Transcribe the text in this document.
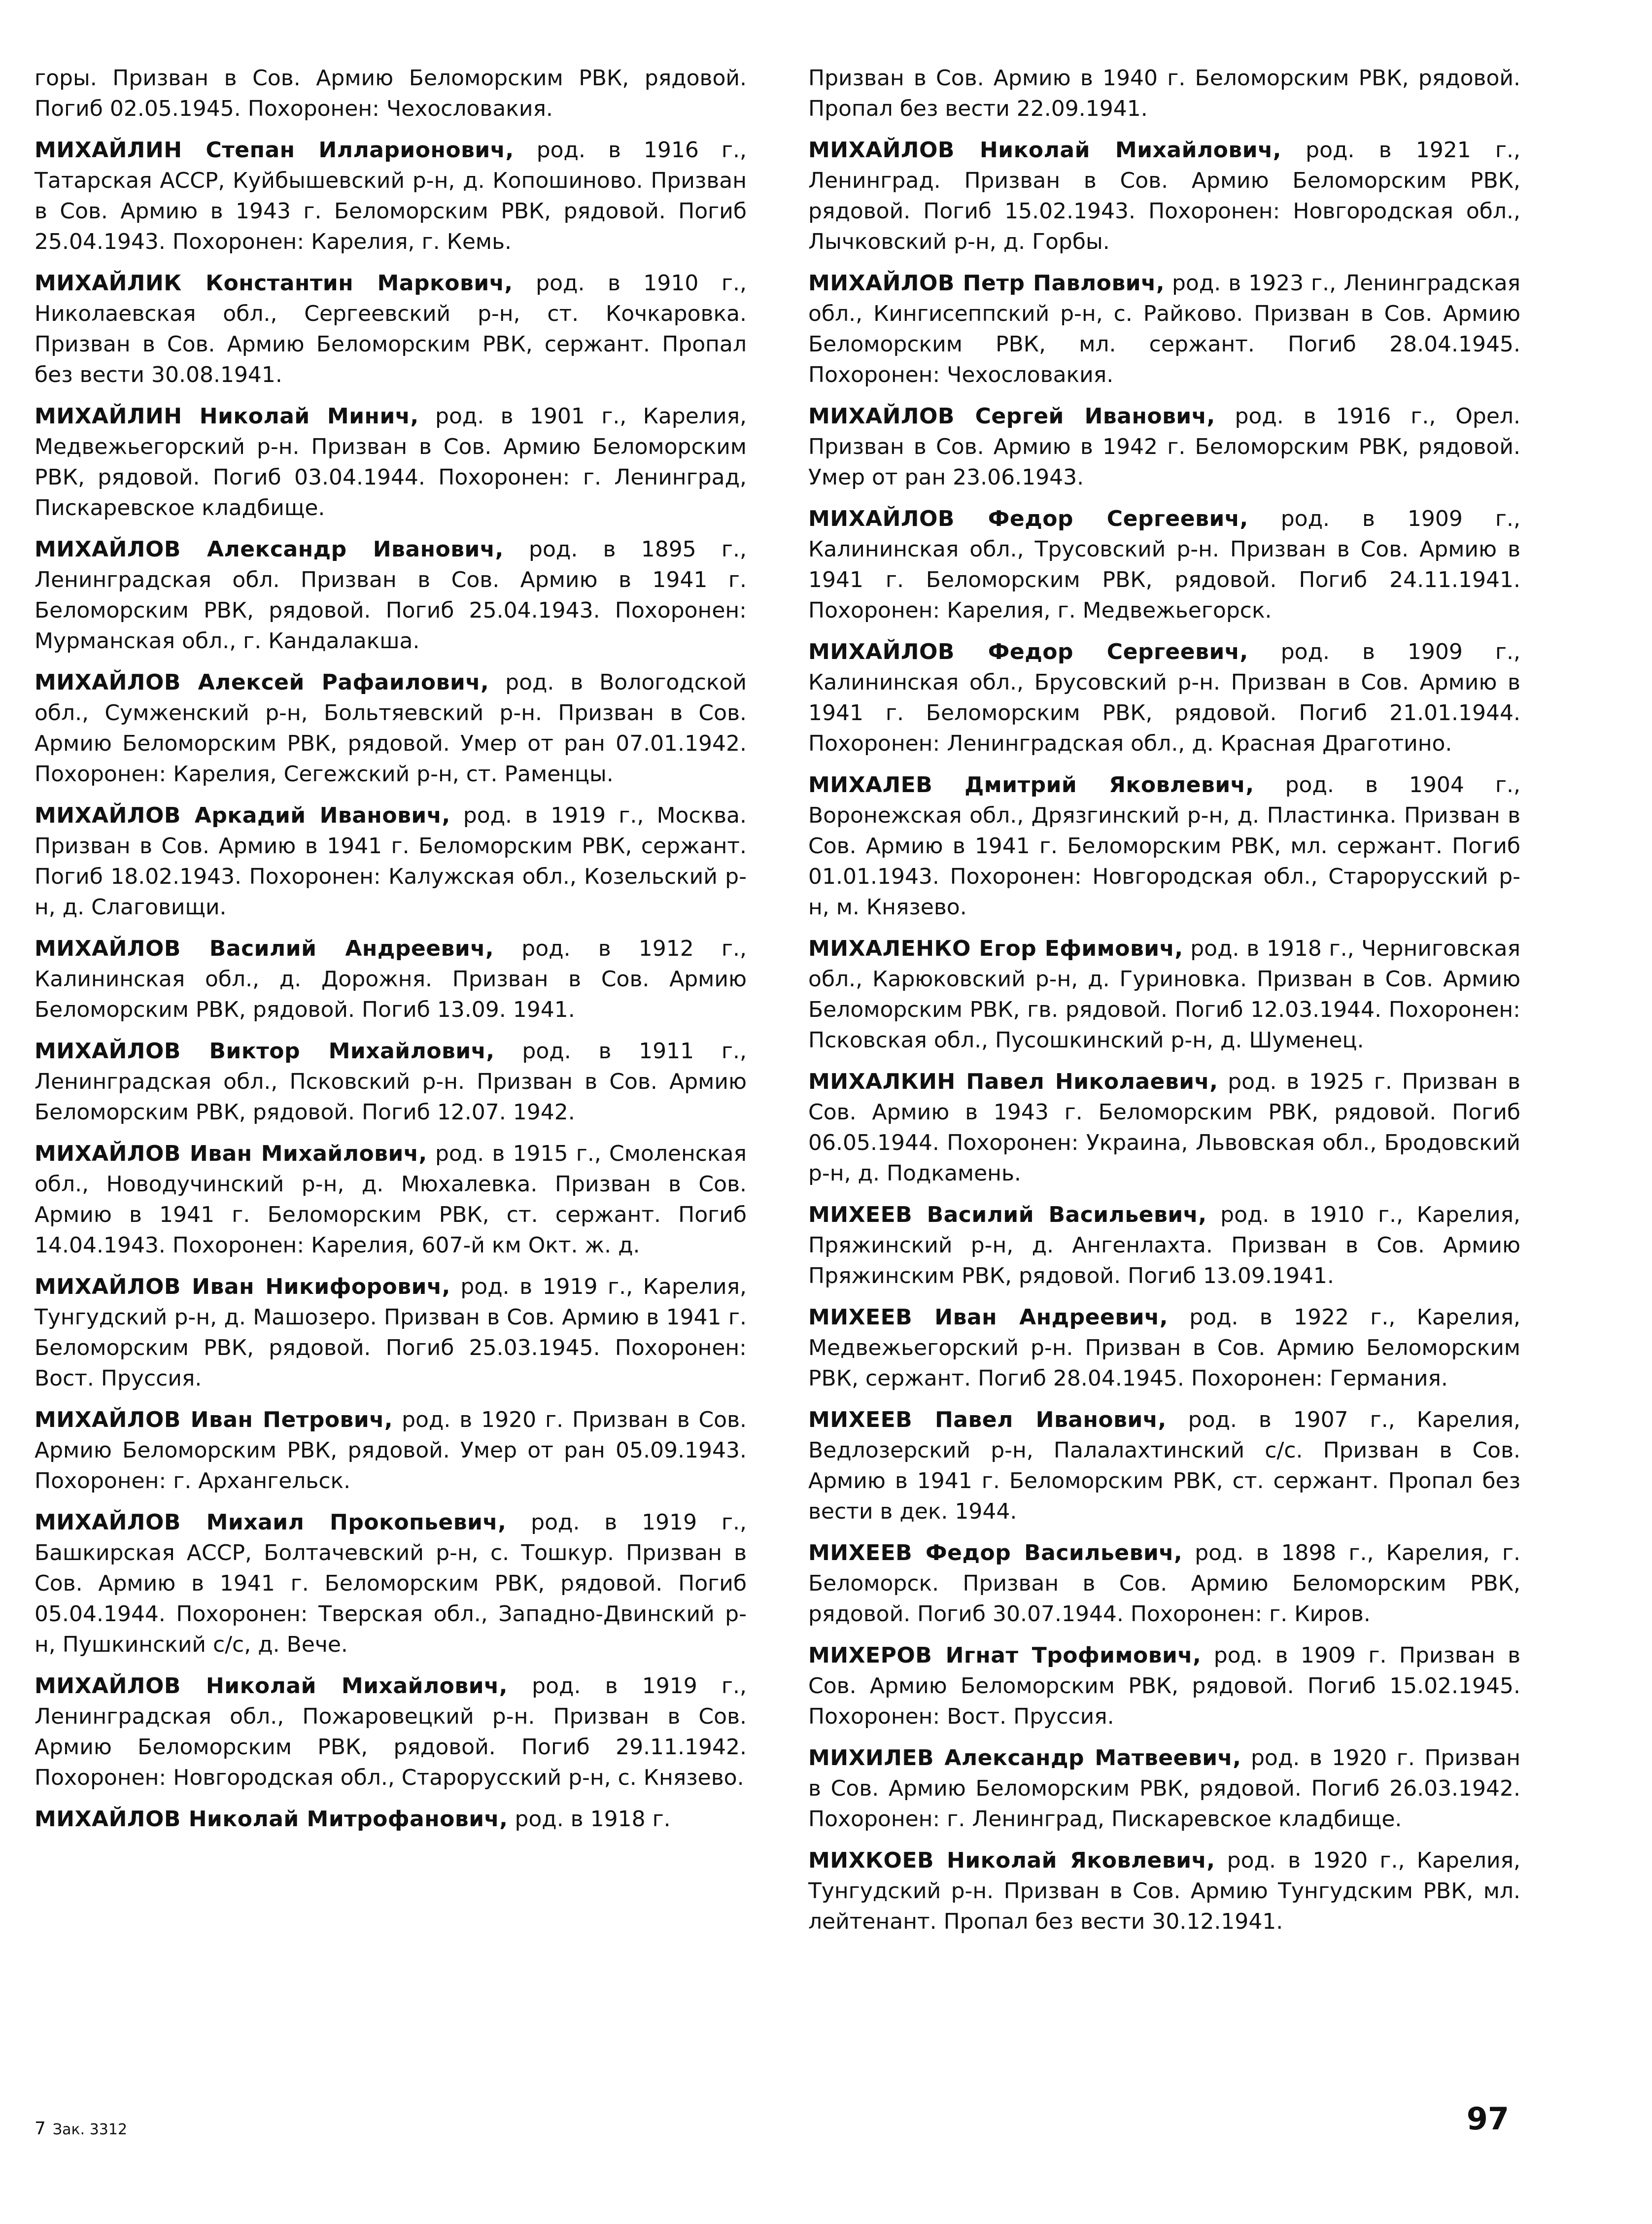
горы. Призван в Сов. Армию Беломорским РВК, рядовой. Погиб 02.05.1945. Похоронен: Чехословакия.

МИХАЙЛИН Степан Илларионович, род. в 1916 г., Татарская АССР, Куйбышевский р-н, д. Копошиново. Призван в Сов. Армию в 1943 г. Беломорским РВК, рядовой. Погиб 25.04.1943. Похоронен: Карелия, г. Кемь.

МИХАЙЛИК Константин Маркович, род. в 1910 г., Николаевская обл., Сергеевский р-н, ст. Кочкаровка. Призван в Сов. Армию Беломорским РВК, сержант. Пропал без вести 30.08.1941.

МИХАЙЛИН Николай Минич, род. в 1901 г., Карелия, Медвежьегорский р-н. Призван в Сов. Армию Беломорским РВК, рядовой. Погиб 03.04.1944. Похоронен: г. Ленинград, Пискаревское кладбище.

МИХАЙЛОВ Александр Иванович, род. в 1895 г., Ленинградская обл. Призван в Сов. Армию в 1941 г. Беломорским РВК, рядовой. Погиб 25.04.1943. Похоронен: Мурманская обл., г. Кандалакша.

МИХАЙЛОВ Алексей Рафаилович, род. в Вологодской обл., Сумженский р-н, Больтяевский р-н. Призван в Сов. Армию Беломорским РВК, рядовой. Умер от ран 07.01.1942. Похоронен: Карелия, Сегежский р-н, ст. Раменцы.

МИХАЙЛОВ Аркадий Иванович, род. в 1919 г., Москва. Призван в Сов. Армию в 1941 г. Беломорским РВК, сержант. Погиб 18.02.1943. Похоронен: Калужская обл., Козельский р-н, д. Слаговищи.

МИХАЙЛОВ Василий Андреевич, род. в 1912 г., Калининская обл., д. Дорожня. Призван в Сов. Армию Беломорским РВК, рядовой. Погиб 13.09. 1941.

МИХАЙЛОВ Виктор Михайлович, род. в 1911 г., Ленинградская обл., Псковский р-н. Призван в Сов. Армию Беломорским РВК, рядовой. Погиб 12.07. 1942.

МИХАЙЛОВ Иван Михайлович, род. в 1915 г., Смоленская обл., Новодучинский р-н, д. Мюхалевка. Призван в Сов. Армию в 1941 г. Беломорским РВК, ст. сержант. Погиб 14.04.1943. Похоронен: Карелия, 607-й км Окт. ж. д.

МИХАЙЛОВ Иван Никифорович, род. в 1919 г., Карелия, Тунгудский р-н, д. Машозеро. Призван в Сов. Армию в 1941 г. Беломорским РВК, рядовой. Погиб 25.03.1945. Похоронен: Вост. Пруссия.

МИХАЙЛОВ Иван Петрович, род. в 1920 г. Призван в Сов. Армию Беломорским РВК, рядовой. Умер от ран 05.09.1943. Похоронен: г. Архангельск.

МИХАЙЛОВ Михаил Прокопьевич, род. в 1919 г., Башкирская АССР, Болтачевский р-н, с. Тошкур. Призван в Сов. Армию в 1941 г. Беломорским РВК, рядовой. Погиб 05.04.1944. Похоронен: Тверская обл., Западно-Двинский р-н, Пушкинский с/с, д. Вече.

МИХАЙЛОВ Николай Михайлович, род. в 1919 г., Ленинградская обл., Пожаровецкий р-н. Призван в Сов. Армию Беломорским РВК, рядовой. Погиб 29.11.1942. Похоронен: Новгородская обл., Старорусский р-н, с. Князево.

МИХАЙЛОВ Николай Митрофанович, род. в 1918 г.

Призван в Сов. Армию в 1940 г. Беломорским РВК, рядовой. Пропал без вести 22.09.1941.

МИХАЙЛОВ Николай Михайлович, род. в 1921 г., Ленинград. Призван в Сов. Армию Беломорским РВК, рядовой. Погиб 15.02.1943. Похоронен: Новгородская обл., Лычковский р-н, д. Горбы.

МИХАЙЛОВ Петр Павлович, род. в 1923 г., Ленинградская обл., Кингисеппский р-н, с. Райково. Призван в Сов. Армию Беломорским РВК, мл. сержант. Погиб 28.04.1945. Похоронен: Чехословакия.

МИХАЙЛОВ Сергей Иванович, род. в 1916 г., Орел. Призван в Сов. Армию в 1942 г. Беломорским РВК, рядовой. Умер от ран 23.06.1943.

МИХАЙЛОВ Федор Сергеевич, род. в 1909 г., Калининская обл., Трусовский р-н. Призван в Сов. Армию в 1941 г. Беломорским РВК, рядовой. Погиб 24.11.1941. Похоронен: Карелия, г. Медвежьегорск.

МИХАЙЛОВ Федор Сергеевич, род. в 1909 г., Калининская обл., Брусовский р-н. Призван в Сов. Армию в 1941 г. Беломорским РВК, рядовой. Погиб 21.01.1944. Похоронен: Ленинградская обл., д. Красная Драготино.

МИХАЛЕВ Дмитрий Яковлевич, род. в 1904 г., Воронежская обл., Дрязгинский р-н, д. Пластинка. Призван в Сов. Армию в 1941 г. Беломорским РВК, мл. сержант. Погиб 01.01.1943. Похоронен: Новгородская обл., Старорусский р-н, м. Князево.

МИХАЛЕНКО Егор Ефимович, род. в 1918 г., Черниговская обл., Карюковский р-н, д. Гуриновка. Призван в Сов. Армию Беломорским РВК, гв. рядовой. Погиб 12.03.1944. Похоронен: Псковская обл., Пусошкинский р-н, д. Шуменец.

МИХАЛКИН Павел Николаевич, род. в 1925 г. Призван в Сов. Армию в 1943 г. Беломорским РВК, рядовой. Погиб 06.05.1944. Похоронен: Украина, Львовская обл., Бродовский р-н, д. Подкамень.

МИХЕЕВ Василий Васильевич, род. в 1910 г., Карелия, Пряжинский р-н, д. Ангенлахта. Призван в Сов. Армию Пряжинским РВК, рядовой. Погиб 13.09.1941.

МИХЕЕВ Иван Андреевич, род. в 1922 г., Карелия, Медвежьегорский р-н. Призван в Сов. Армию Беломорским РВК, сержант. Погиб 28.04.1945. Похоронен: Германия.

МИХЕЕВ Павел Иванович, род. в 1907 г., Карелия, Ведлозерский р-н, Палалахтинский с/с. Призван в Сов. Армию в 1941 г. Беломорским РВК, ст. сержант. Пропал без вести в дек. 1944.

МИХЕЕВ Федор Васильевич, род. в 1898 г., Карелия, г. Беломорск. Призван в Сов. Армию Беломорским РВК, рядовой. Погиб 30.07.1944. Похоронен: г. Киров.

МИХЕРОВ Игнат Трофимович, род. в 1909 г. Призван в Сов. Армию Беломорским РВК, рядовой. Погиб 15.02.1945. Похоронен: Вост. Пруссия.

МИХИЛЕВ Александр Матвеевич, род. в 1920 г. Призван в Сов. Армию Беломорским РВК, рядовой. Погиб 26.03.1942. Похоронен: г. Ленинград, Пискаревское кладбище.

МИХКОЕВ Николай Яковлевич, род. в 1920 г., Карелия, Тунгудский р-н. Призван в Сов. Армию Тунгудским РВК, мл. лейтенант. Пропал без вести 30.12.1941.

7 Зак. 3312	97
